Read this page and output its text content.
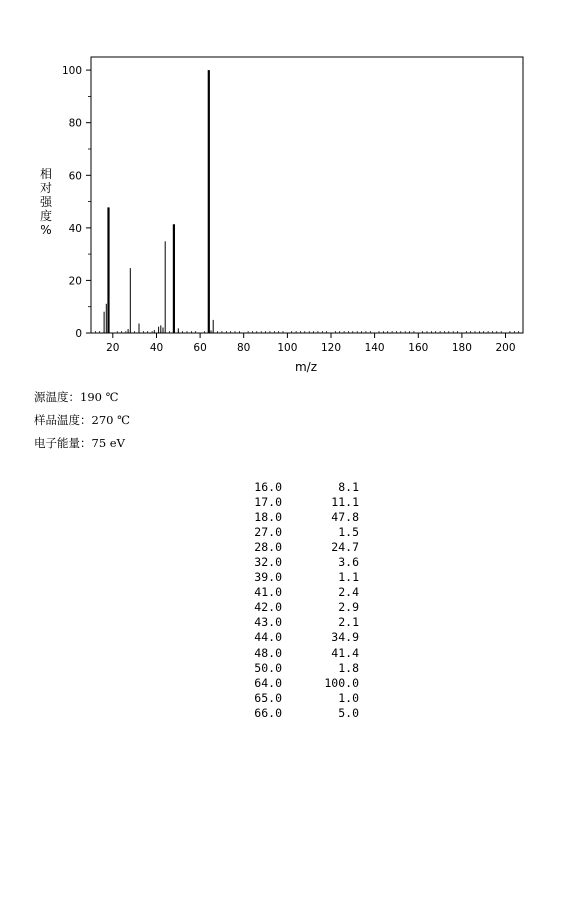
20	40	60	80	100 120 140 160 180 200
0
20
40
60
80
100
m/z
相
对
强
度
%
源温度：190 ℃
样品温度：270 ℃
电子能量：75 eV
16.0	8.1
17.0	11.1
18.0	47.8
27.0	1.5
28.0	24.7
32.0	3.6
39.0	1.1
41.0	2.4
42.0	2.9
43.0	2.1
44.0	34.9
48.0	41.4
50.0	1.8
64.0	100.0
65.0	1.0
66.0	5.0
